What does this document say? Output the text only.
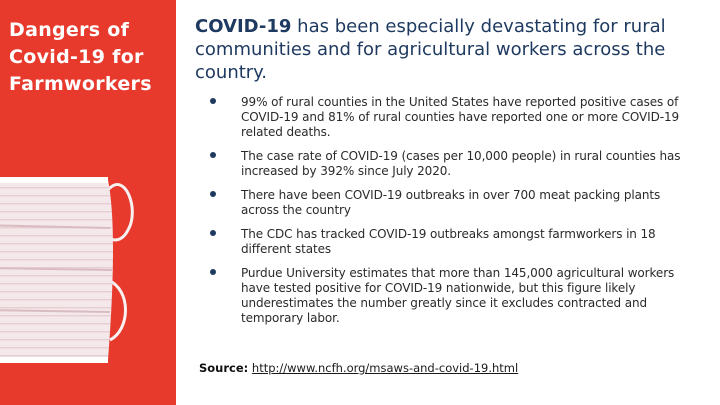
Dangers of
Covid-19 for
Farmworkers
COVID-19 has been especially devastating for rural communities and for agricultural workers across the country.
99% of rural counties in the United States have reported positive cases of COVID-19 and 81% of rural counties have reported one or more COVID-19 related deaths.
The case rate of COVID-19 (cases per 10,000 people) in rural counties has increased by 392% since July 2020.
There have been COVID-19 outbreaks in over 700 meat packing plants across the country
The CDC has tracked COVID-19 outbreaks amongst farmworkers in 18 different states
Purdue University estimates that more than 145,000 agricultural workers have tested positive for COVID-19 nationwide, but this figure likely underestimates the number greatly since it excludes contracted and temporary labor.
Source: http://www.ncfh.org/msaws-and-covid-19.html
